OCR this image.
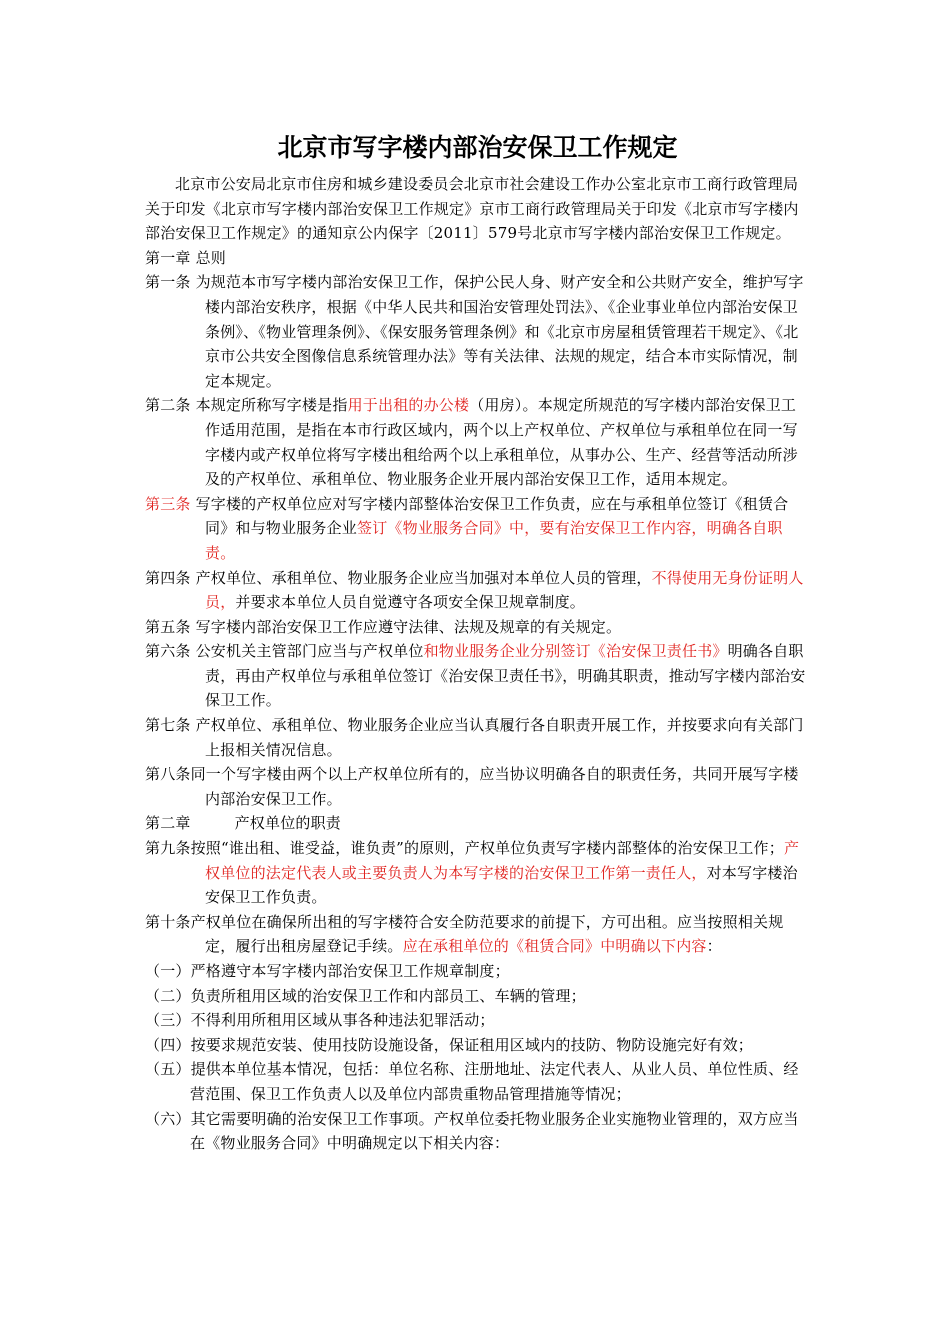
北京市写字楼内部治安保卫工作规定

北京市公安局北京市住房和城乡建设委员会北京市社会建设工作办公室北京市工商行政管理局关于印发《北京市写字楼内部治安保卫工作规定》京市工商行政管理局关于印发《北京市写字楼内部治安保卫工作规定》的通知京公内保字〔2011〕579号北京市写字楼内部治安保卫工作规定。

第一章 总则

第一条 为规范本市写字楼内部治安保卫工作，保护公民人身、财产安全和公共财产安全，维护写字楼内部治安秩序，根据《中华人民共和国治安管理处罚法》、《企业事业单位内部治安保卫条例》、《物业管理条例》、《保安服务管理条例》和《北京市房屋租赁管理若干规定》、《北京市公共安全图像信息系统管理办法》等有关法律、法规的规定，结合本市实际情况，制定本规定。

第二条 本规定所称写字楼是指用于出租的办公楼（用房）。本规定所规范的写字楼内部治安保卫工作适用范围，是指在本市行政区域内，两个以上产权单位、产权单位与承租单位在同一写字楼内或产权单位将写字楼出租给两个以上承租单位，从事办公、生产、经营等活动所涉及的产权单位、承租单位、物业服务企业开展内部治安保卫工作，适用本规定。

第三条 写字楼的产权单位应对写字楼内部整体治安保卫工作负责，应在与承租单位签订《租赁合同》和与物业服务企业签订《物业服务合同》中，要有治安保卫工作内容，明确各自职责。

第四条 产权单位、承租单位、物业服务企业应当加强对本单位人员的管理，不得使用无身份证明人员，并要求本单位人员自觉遵守各项安全保卫规章制度。

第五条 写字楼内部治安保卫工作应遵守法律、法规及规章的有关规定。

第六条 公安机关主管部门应当与产权单位和物业服务企业分别签订《治安保卫责任书》明确各自职责，再由产权单位与承租单位签订《治安保卫责任书》，明确其职责，推动写字楼内部治安保卫工作。

第七条 产权单位、承租单位、物业服务企业应当认真履行各自职责开展工作，并按要求向有关部门上报相关情况信息。

第八条同一个写字楼由两个以上产权单位所有的，应当协议明确各自的职责任务，共同开展写字楼内部治安保卫工作。

第二章	产权单位的职责

第九条按照“谁出租、谁受益，谁负责”的原则，产权单位负责写字楼内部整体的治安保卫工作；产权单位的法定代表人或主要负责人为本写字楼的治安保卫工作第一责任人，对本写字楼治安保卫工作负责。

第十条产权单位在确保所出租的写字楼符合安全防范要求的前提下，方可出租。应当按照相关规定，履行出租房屋登记手续。应在承租单位的《租赁合同》中明确以下内容：

（一）严格遵守本写字楼内部治安保卫工作规章制度；

（二）负责所租用区域的治安保卫工作和内部员工、车辆的管理；

（三）不得利用所租用区域从事各种违法犯罪活动；

（四）按要求规范安装、使用技防设施设备，保证租用区域内的技防、物防设施完好有效；

（五）提供本单位基本情况，包括：单位名称、注册地址、法定代表人、从业人员、单位性质、经营范围、保卫工作负责人以及单位内部贵重物品管理措施等情况；

（六）其它需要明确的治安保卫工作事项。产权单位委托物业服务企业实施物业管理的，双方应当在《物业服务合同》中明确规定以下相关内容：
